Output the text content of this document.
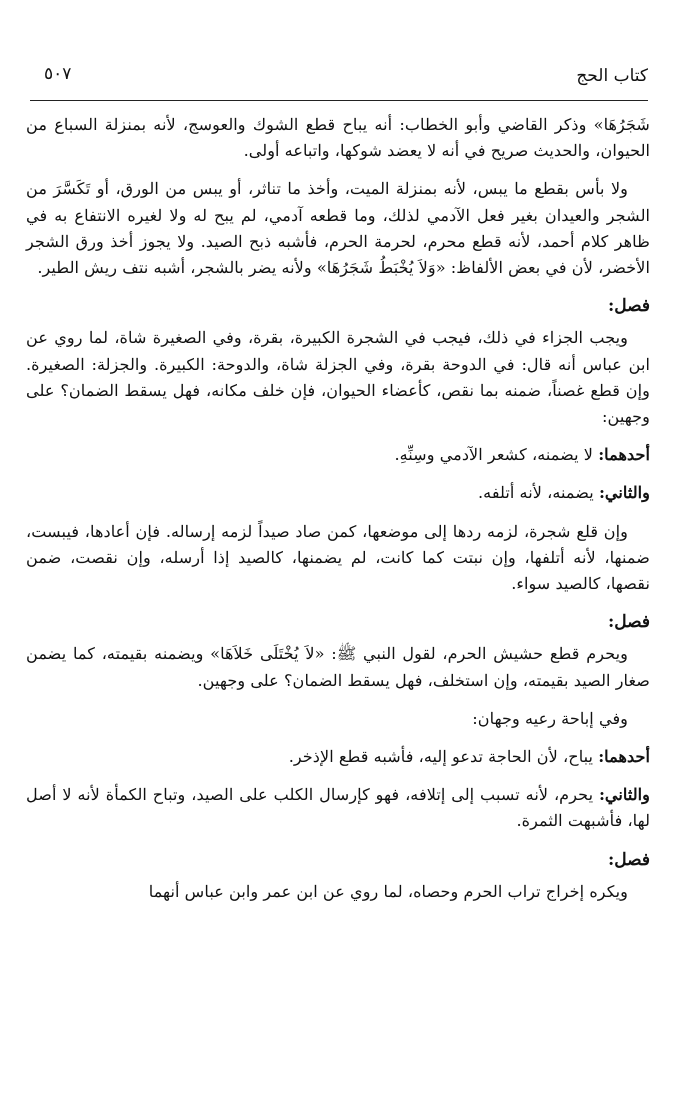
كتاب الحج
٥٠٧

شَجَرُهَا» وذكر القاضي وأبو الخطاب: أنه يباح قطع الشوك والعوسج، لأنه بمنزلة السباع من الحيوان، والحديث صريح في أنه لا يعضد شوكها، واتباعه أولى.

ولا بأس بقطع ما يبس، لأنه بمنزلة الميت، وأخذ ما تناثر، أو يبس من الورق، أو تَكَسَّرَ من الشجر والعيدان بغير فعل الآدمي لذلك، وما قطعه آدمي، لم يبح له ولا لغيره الانتفاع به في ظاهر كلام أحمد، لأنه قطع محرم، لحرمة الحرم، فأشبه ذبح الصيد. ولا يجوز أخذ ورق الشجر الأخضر، لأن في بعض الألفاظ: «وَلاَ يُخْبَطُ شَجَرُهَا» ولأنه يضر بالشجر، أشبه نتف ريش الطير.

فصل:

ويجب الجزاء في ذلك، فيجب في الشجرة الكبيرة، بقرة، وفي الصغيرة شاة، لما روي عن ابن عباس أنه قال: في الدوحة بقرة، وفي الجزلة شاة، والدوحة: الكبيرة. والجزلة: الصغيرة. وإن قطع غصناً، ضمنه بما نقص، كأعضاء الحيوان، فإن خلف مكانه، فهل يسقط الضمان؟ على وجهين:

أحدهما: لا يضمنه، كشعر الآدمي وسِنِّهِ.

والثاني: يضمنه، لأنه أتلفه.

وإن قلع شجرة، لزمه ردها إلى موضعها، كمن صاد صيداً لزمه إرساله. فإن أعادها، فيبست، ضمنها، لأنه أتلفها، وإن نبتت كما كانت، لم يضمنها، كالصيد إذا أرسله، وإن نقصت، ضمن نقصها، كالصيد سواء.

فصل:

ويحرم قطع حشيش الحرم، لقول النبي ﷺ: «لاَ يُخْتَلَى خَلاَهَا» ويضمنه بقيمته، كما يضمن صغار الصيد بقيمته، وإن استخلف، فهل يسقط الضمان؟ على وجهين.

وفي إباحة رعيه وجهان:

أحدهما: يباح، لأن الحاجة تدعو إليه، فأشبه قطع الإذخر.

والثاني: يحرم، لأنه تسبب إلى إتلافه، فهو كإرسال الكلب على الصيد، وتباح الكمأة لأنه لا أصل لها، فأشبهت الثمرة.

فصل:

ويكره إخراج تراب الحرم وحصاه، لما روي عن ابن عمر وابن عباس أنهما
